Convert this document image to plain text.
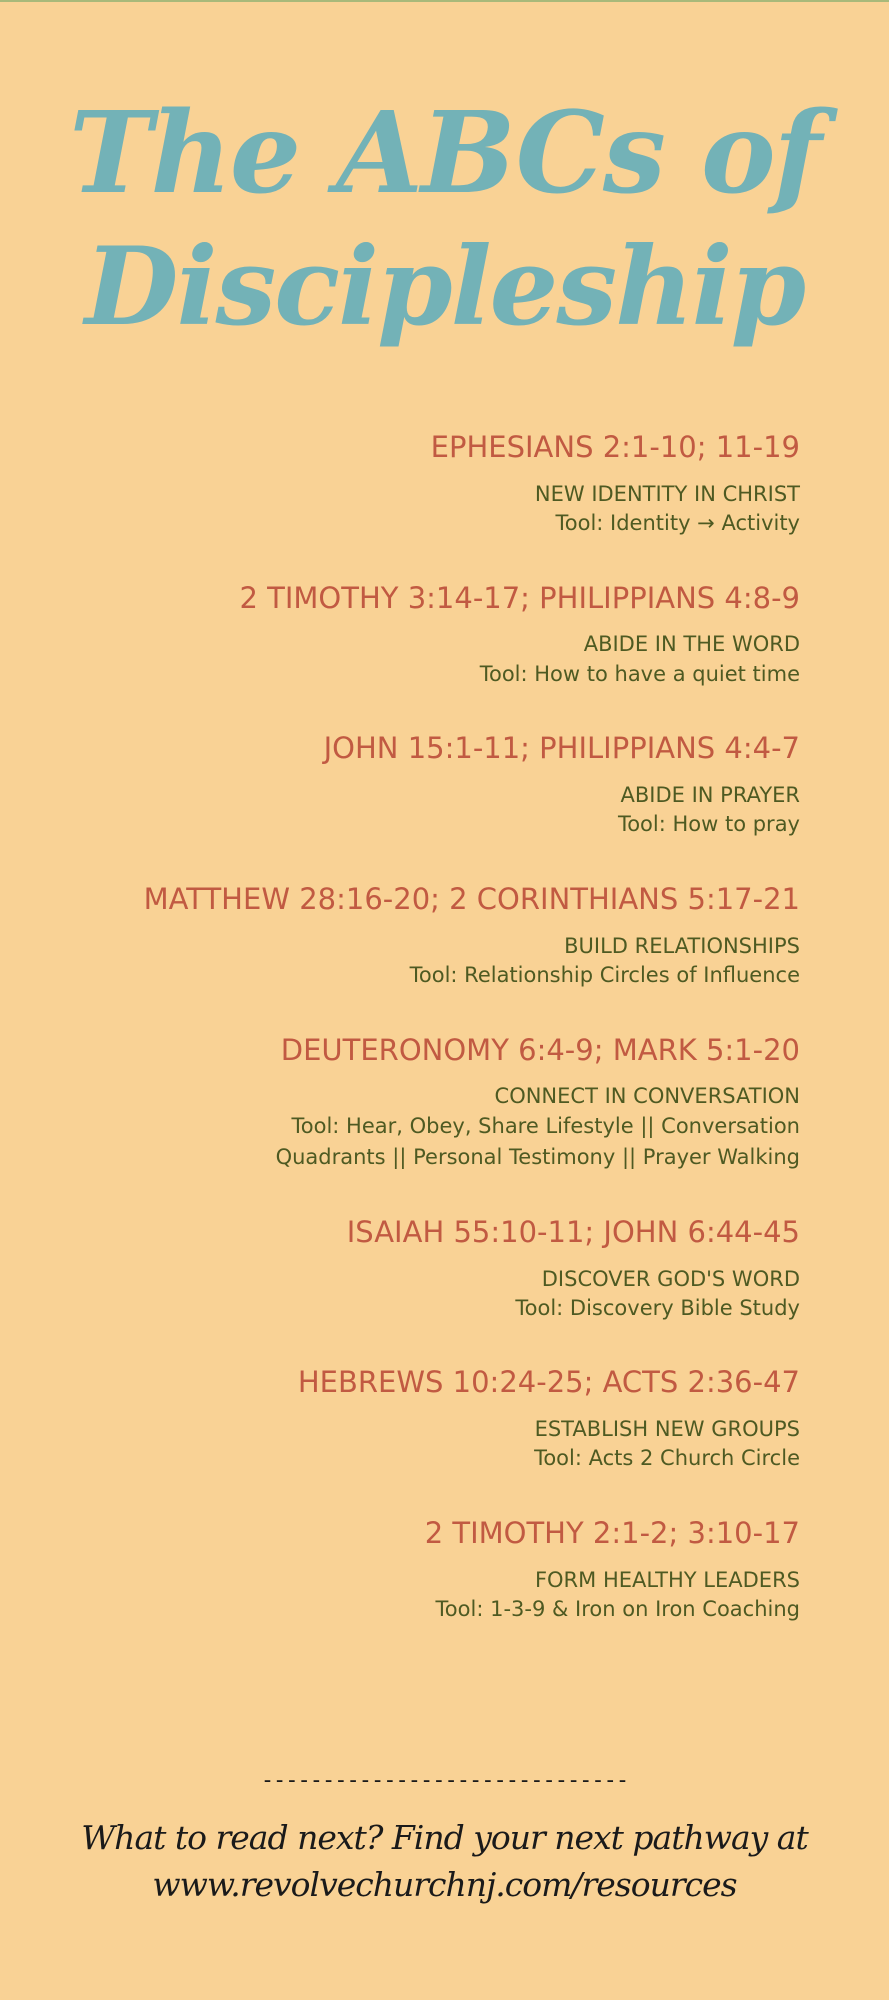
The ABCs of
Discipleship
EPHESIANS 2:1-10; 11-19
NEW IDENTITY IN CHRIST
Tool: Identity → Activity
2 TIMOTHY 3:14-17; PHILIPPIANS 4:8-9
ABIDE IN THE WORD
Tool: How to have a quiet time
JOHN 15:1-11; PHILIPPIANS 4:4-7
ABIDE IN PRAYER
Tool: How to pray
MATTHEW 28:16-20; 2 CORINTHIANS 5:17-21
BUILD RELATIONSHIPS
Tool: Relationship Circles of Influence
DEUTERONOMY 6:4-9; MARK 5:1-20
CONNECT IN CONVERSATION
Tool: Hear, Obey, Share Lifestyle || Conversation Quadrants || Personal Testimony || Prayer Walking
ISAIAH 55:10-11; JOHN 6:44-45
DISCOVER GOD'S WORD
Tool: Discovery Bible Study
HEBREWS 10:24-25; ACTS 2:36-47
ESTABLISH NEW GROUPS
Tool: Acts 2 Church Circle
2 TIMOTHY 2:1-2; 3:10-17
FORM HEALTHY LEADERS
Tool: 1-3-9 & Iron on Iron Coaching
------------------------------

What to read next? Find your next pathway at
www.revolvechurchnj.com/resources
